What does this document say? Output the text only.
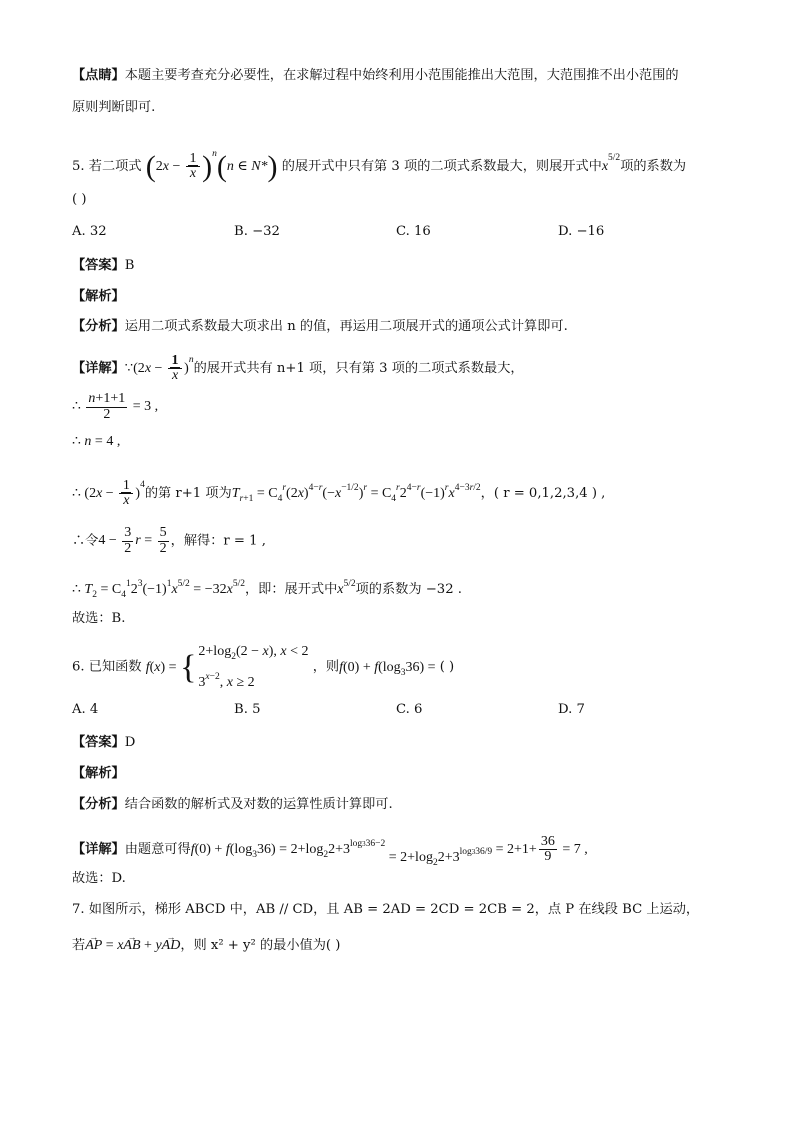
【点睛】本题主要考查充分必要性，在求解过程中始终利用小范围能推出大范围，大范围推不出小范围的
原则判断即可.
5. 若二项式 $(2x - \frac{1}{x} )^n(n$ ∈ N*) 的展开式中只有第 3 项的二项式系数最大，则展开式中$x^{5/2}$项的系数为
( )
A. 32	B. −32	C. 16	D. −16
【答案】B
【解析】
【分析】运用二项式系数最大项求出 n 的值，再运用二项展开式的通项公式计算即可.
【详解】∵(2x − $\frac{1}{x} )^n$的展开式共有 n+1 项，只有第 3 项的二项式系数最大，
∴ $\frac{n+1+1}{2} = 3$ ,
∴ n = 4 ,
∴ $(2x - \frac{1}{x} )^4$的第 r+1 项为$T_{r+1} = C_4^r(2x)^{4-r}(-x^{-1/2})^r = C_4^r2^{4-r}(-1)^rx^{4-3r/2}$，( r = 0,1,2,3,4 ) ,
∴令$4 - \frac{3}{2}$ $r = \frac{5}{2}$ ，解得：r = 1 ,
∴ $T_2 = C_4^12^3(-1)^1x^{5/2} = -32x^{5/2}$，即：展开式中$x^{5/2}$项的系数为 −32 .
故选：B.
6. 已知函数 f(x) = { $2+\log_2(2 - x)$, x < 2
$3^{x-2}$, x ≥ 2
，则$f(0) + f(\log_336)$ = ( )
A. 4	B. 5	C. 6	D. 7
【答案】D
【解析】
【分析】结合函数的解析式及对数的运算性质计算即可.
【详解】由题意可得$f(0) + f(\log_336) = 2+\log_22+3^{log336-2} = 2+\log_22+3^{log336/9} = 2+1+ \frac{36}{9} = 7$ ,
故选：D.
7. 如图所示，梯形 ABCD 中，AB // CD，且 AB = 2AD = 2CD = 2CB = 2，点 P 在线段 BC 上运动，
若→ AP = x→ AB + y→ AD，则 x² + y² 的最小值为( )
